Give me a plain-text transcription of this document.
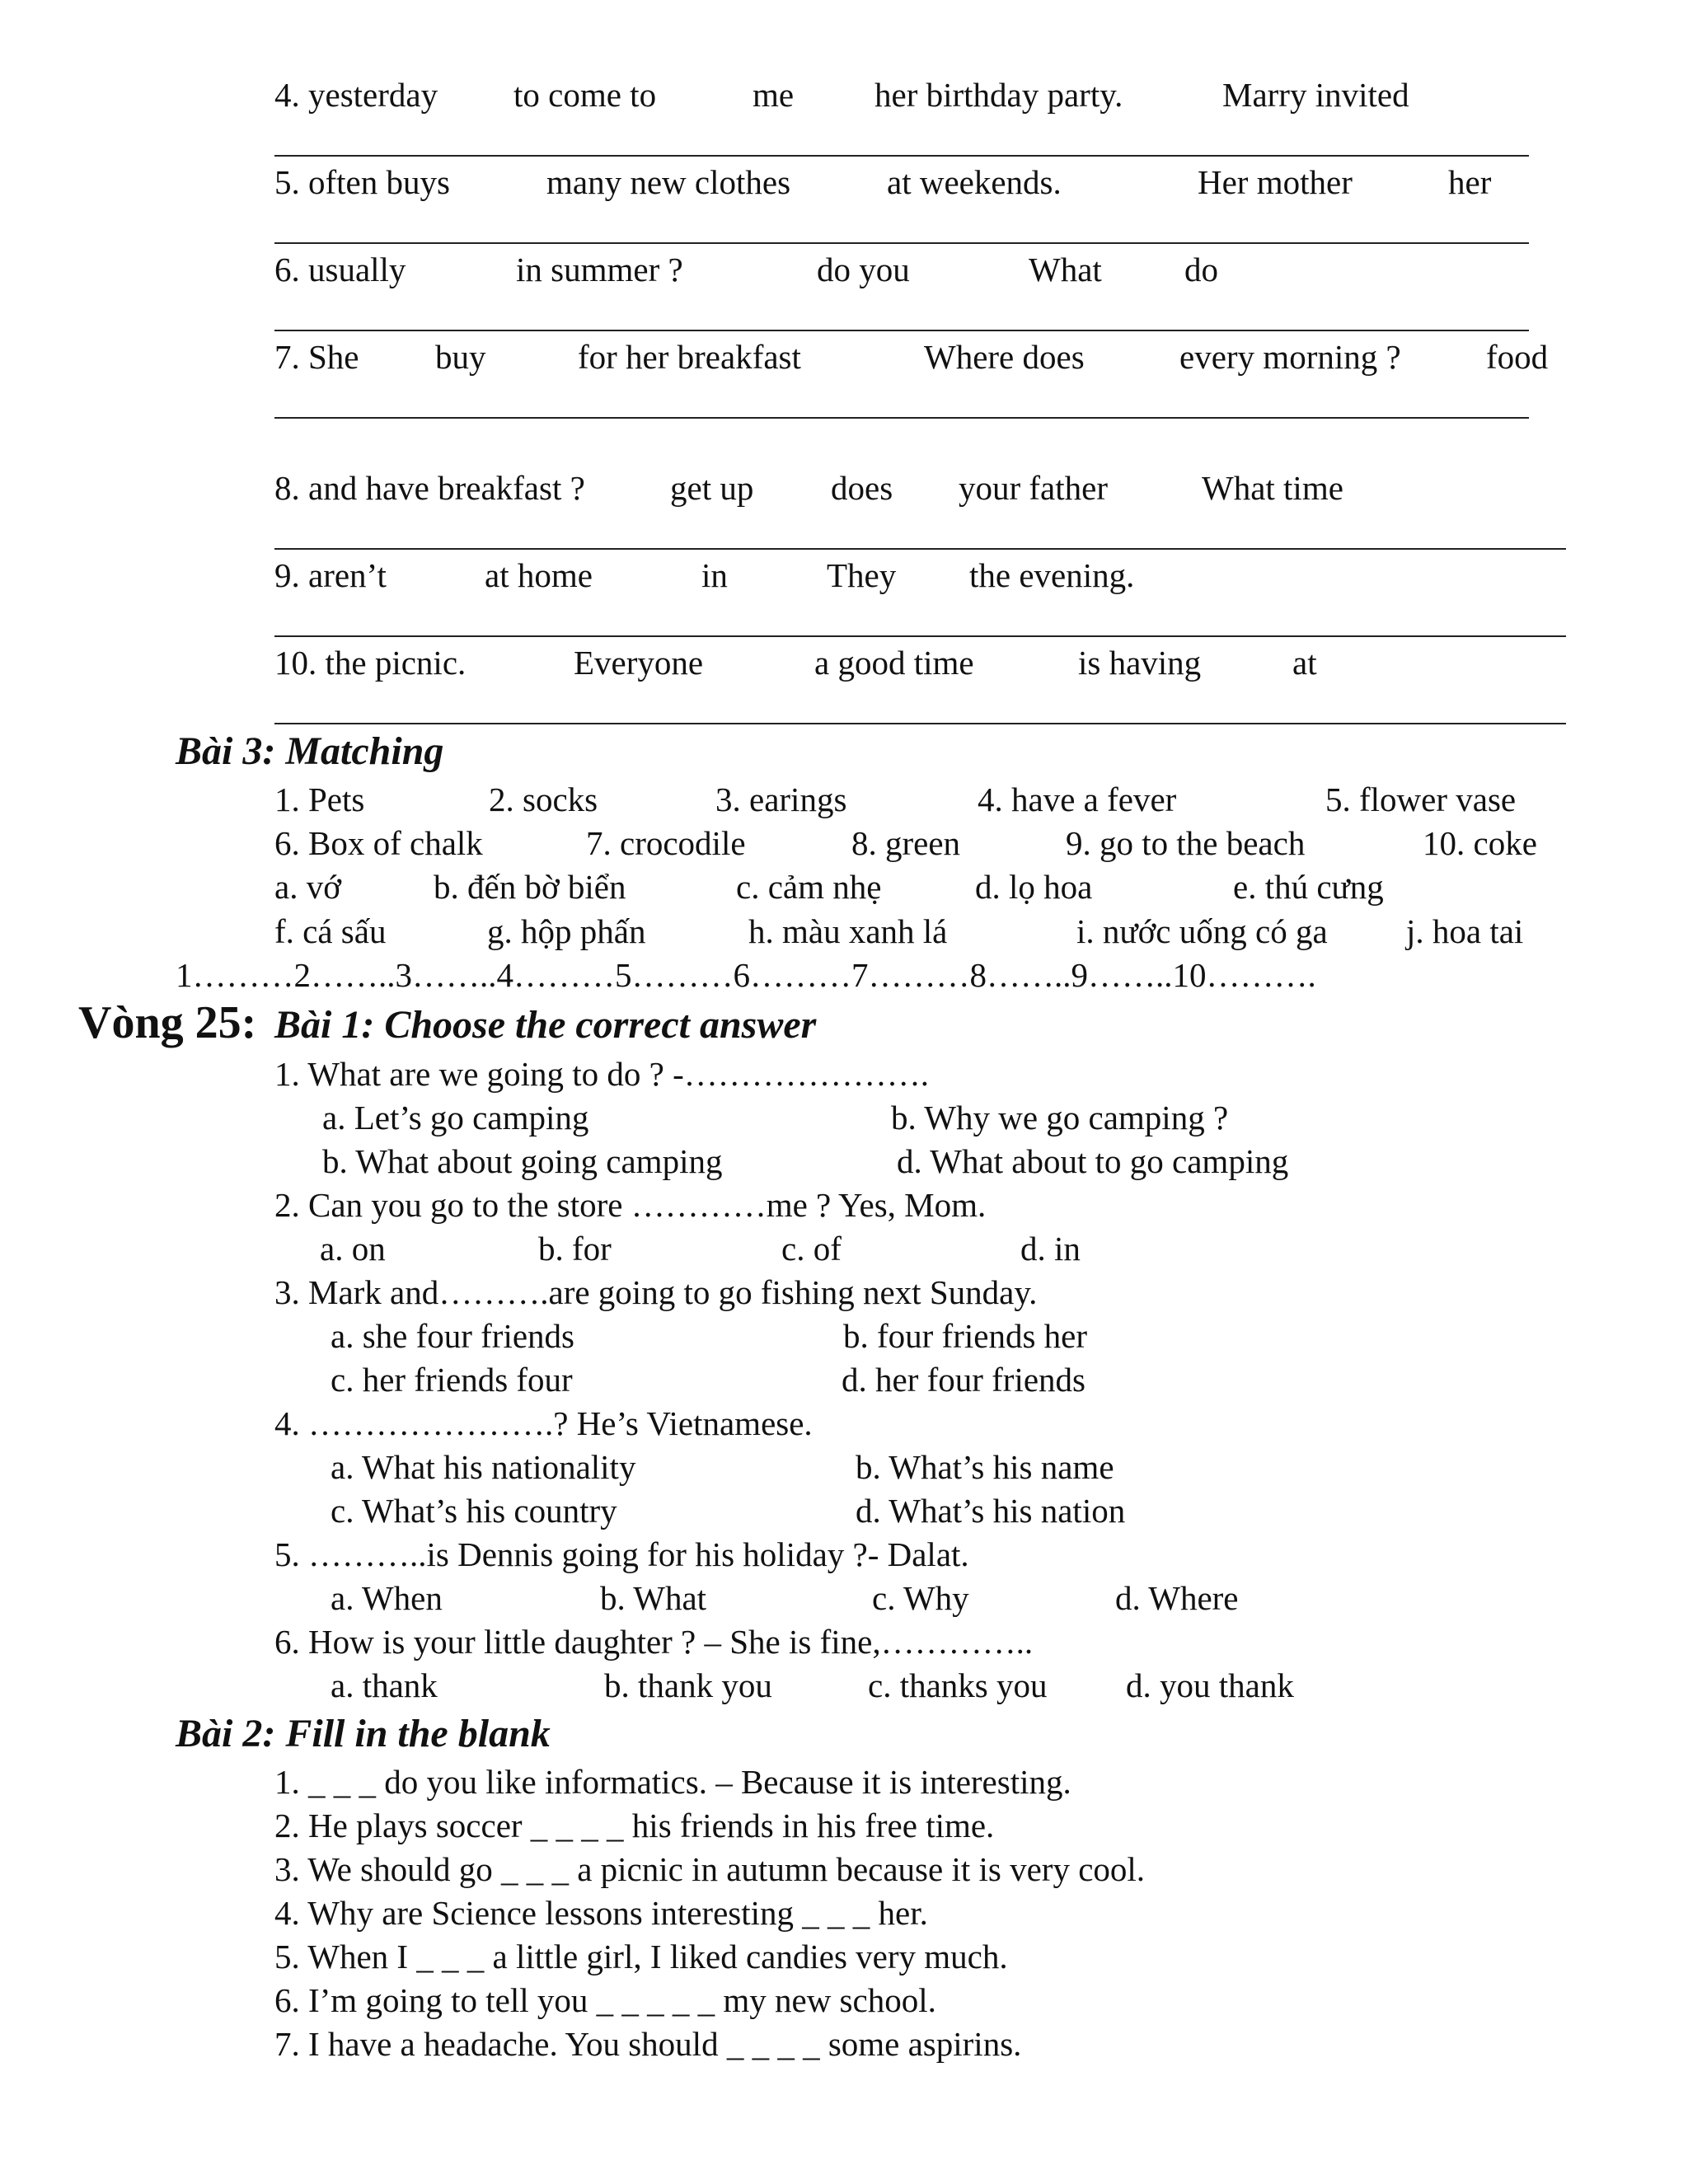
4. yesterday to come to	me her birthday party.	Marry invited
5. often buys	many new clothes	at weekends.	Her mother	her
6. usually	in summer ?	do you	What do
7. She buy	for her breakfast	Where does	every morning ?	food
8. and have breakfast ?	get up does your father	What time
9. aren’t	at home	in	They the evening.
10. the picnic.	Everyone	a good time	is having	at
Bài 3: Matching
1. Pets	2. socks	3. earings	4. have a fever	5. flower vase
6. Box of chalk	7. crocodile	8. green	9. go to the beach	10. coke
a. vớ	b. đến bờ biển	c. cảm nhẹ	d. lọ hoa	e. thú cưng
f. cá sấu	g. hộp phấn	h. màu xanh lá	i. nước uống có ga j. hoa tai
1………2……..3……..4………5………6………7………8……..9……..10……….
Vòng 25: Bài 1: Choose the correct answer
1. What are we going to do ? -………………….
a. Let’s go camping	b. Why we go camping ?
b. What about going camping	d. What about to go camping
2. Can you go to the store …………me ? Yes, Mom.
a. on	b. for	c. of	d. in
3. Mark and……….are going to go fishing next Sunday.
a. she four friends	b. four friends her
c. her friends four	d. her four friends
4. ………………….? He’s Vietnamese.
a. What his nationality	b. What’s his name
c. What’s his country	d. What’s his nation
5. ………..is Dennis going for his holiday ?- Dalat.
a. When	b. What	c. Why	d. Where
6. How is your little daughter ? – She is fine,…………..
a. thank	b. thank you	c. thanks you d. you thank
Bài 2: Fill in the blank
1. _ _ _ do you like informatics. – Because it is interesting.
2. He plays soccer _ _ _ _ his friends in his free time.
3. We should go _ _ _ a picnic in autumn because it is very cool.
4. Why are Science lessons interesting _ _ _ her.
5. When I _ _ _ a little girl, I liked candies very much.
6. I’m going to tell you _ _ _ _ _ my new school.
7. I have a headache. You should _ _ _ _ some aspirins.
